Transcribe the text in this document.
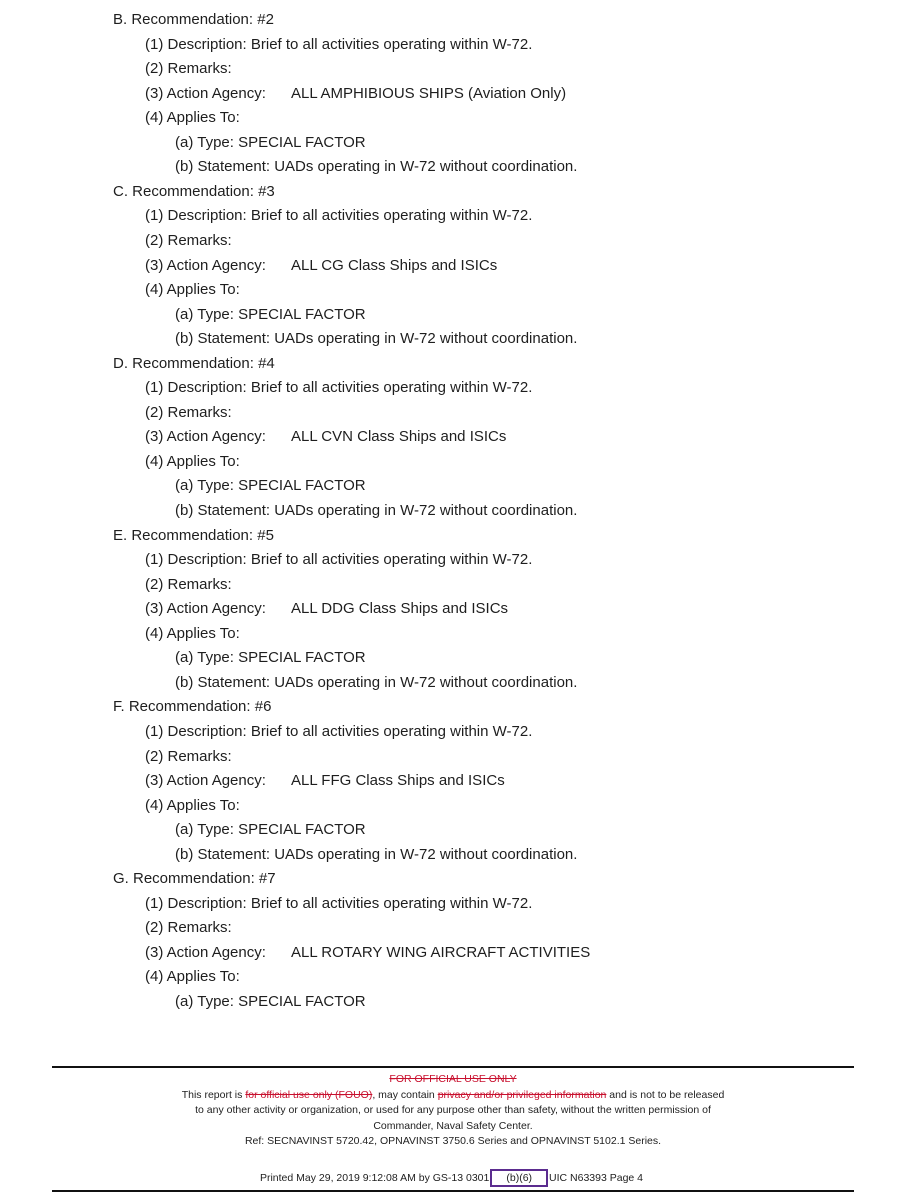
B. Recommendation: #2
(1) Description: Brief to all activities operating within W-72.
(2) Remarks:
(3) Action Agency: ALL AMPHIBIOUS SHIPS (Aviation Only)
(4) Applies To:
(a) Type: SPECIAL FACTOR
(b) Statement: UADs operating in W-72 without coordination.
C. Recommendation: #3
(1) Description: Brief to all activities operating within W-72.
(2) Remarks:
(3) Action Agency: ALL CG Class Ships and ISICs
(4) Applies To:
(a) Type: SPECIAL FACTOR
(b) Statement: UADs operating in W-72 without coordination.
D. Recommendation: #4
(1) Description: Brief to all activities operating within W-72.
(2) Remarks:
(3) Action Agency: ALL CVN Class Ships and ISICs
(4) Applies To:
(a) Type: SPECIAL FACTOR
(b) Statement: UADs operating in W-72 without coordination.
E. Recommendation: #5
(1) Description: Brief to all activities operating within W-72.
(2) Remarks:
(3) Action Agency: ALL DDG Class Ships and ISICs
(4) Applies To:
(a) Type: SPECIAL FACTOR
(b) Statement: UADs operating in W-72 without coordination.
F. Recommendation: #6
(1) Description: Brief to all activities operating within W-72.
(2) Remarks:
(3) Action Agency: ALL FFG Class Ships and ISICs
(4) Applies To:
(a) Type: SPECIAL FACTOR
(b) Statement: UADs operating in W-72 without coordination.
G. Recommendation: #7
(1) Description: Brief to all activities operating within W-72.
(2) Remarks:
(3) Action Agency: ALL ROTARY WING AIRCRAFT ACTIVITIES
(4) Applies To:
(a) Type: SPECIAL FACTOR
FOR OFFICIAL USE ONLY
This report is for official use only (FOUO), may contain privacy and/or privileged information and is not to be released
to any other activity or organization, or used for any purpose other than safety, without the written permission of
Commander, Naval Safety Center.
Ref: SECNAVINST 5720.42, OPNAVINST 3750.6 Series and OPNAVINST 5102.1 Series.
Printed May 29, 2019 9:12:08 AM by GS-13 0301 (b)(6) UIC N63393 Page 4
